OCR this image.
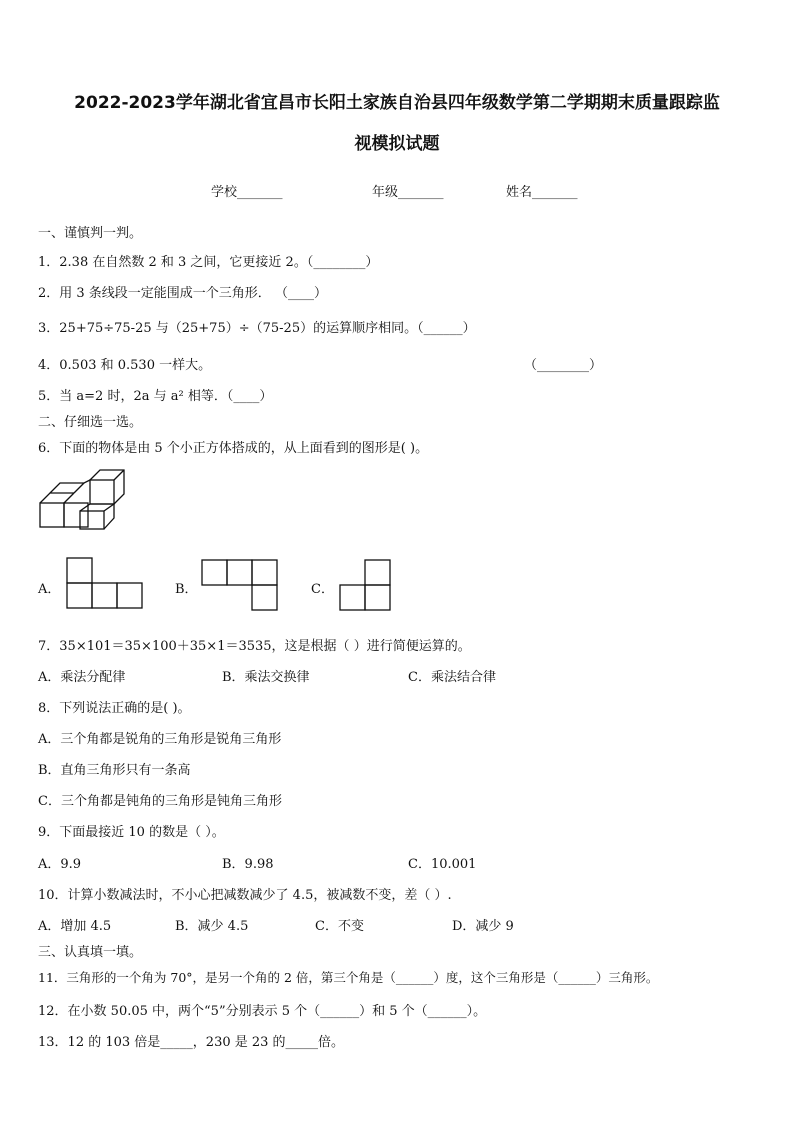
2022-2023学年湖北省宜昌市长阳土家族自治县四年级数学第二学期期末质量跟踪监
视模拟试题
学校_______	年级_______	姓名_______
一、谨慎判一判。
1．2.38 在自然数 2 和 3 之间，它更接近 2。（________）
2．用 3 条线段一定能围成一个三角形． （____）
3．25+75÷75-25 与（25+75）÷（75-25）的运算顺序相同。（______）
4．0.503 和 0.530 一样大。	（________）
5．当 a=2 时，2a 与 a² 相等．（____）
二、仔细选一选。
6．下面的物体是由 5 个小正方体搭成的，从上面看到的图形是( )。
A．	B．	C．
7．35×101＝35×100＋35×1＝3535，这是根据（ ）进行简便运算的。
A．乘法分配律	B．乘法交换律	C．乘法结合律
8．下列说法正确的是( )。
A．三个角都是锐角的三角形是锐角三角形
B．直角三角形只有一条高
C．三个角都是钝角的三角形是钝角三角形
9．下面最接近 10 的数是（ ）。
A．9.9	B．9.98	C．10.001
10．计算小数减法时，不小心把减数减少了 4.5，被减数不变，差（ ）.
A．增加 4.5	B．减少 4.5	C．不变	D．减少 9
三、认真填一填。
11．三角形的一个角为 70°，是另一个角的 2 倍，第三个角是（______）度，这个三角形是（______）三角形。
12．在小数 50.05 中，两个“5”分别表示 5 个（______）和 5 个（______）。
13．12 的 103 倍是_____，230 是 23 的_____倍。
